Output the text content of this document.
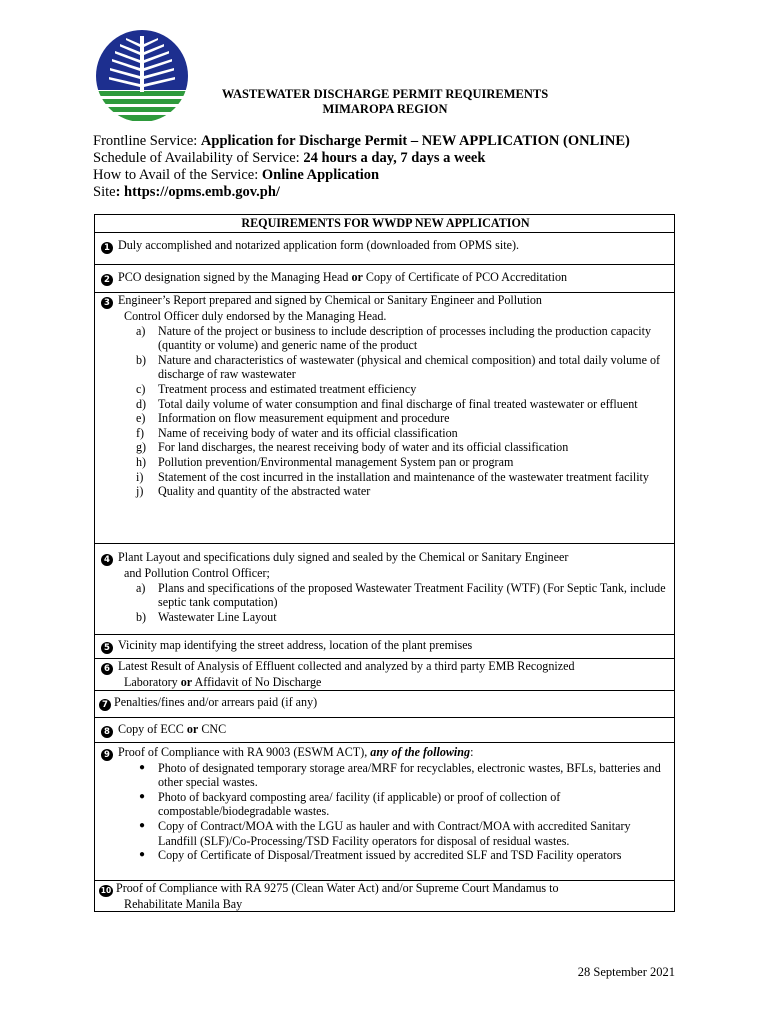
WASTEWATER DISCHARGE PERMIT REQUIREMENTS
MIMAROPA REGION
Frontline Service: Application for Discharge Permit – NEW APPLICATION (ONLINE)
Schedule of Availability of Service: 24 hours a day, 7 days a week
How to Avail of the Service: Online Application
Site: https://opms.emb.gov.ph/
REQUIREMENTS FOR WWDP NEW APPLICATION
1 Duly accomplished and notarized application form (downloaded from OPMS site).
2 PCO designation signed by the Managing Head or Copy of Certificate of PCO Accreditation

3 Engineer’s Report prepared and signed by Chemical or Sanitary Engineer and Pollution
Control Officer duly endorsed by the Managing Head.
a) Nature of the project or business to include description of processes including the production capacity (quantity or volume) and generic name of the product
b) Nature and characteristics of wastewater (physical and chemical composition) and total daily volume of discharge of raw wastewater
c) Treatment process and estimated treatment efficiency
d) Total daily volume of water consumption and final discharge of final treated wastewater or effluent
e) Information on flow measurement equipment and procedure
f) Name of receiving body of water and its official classification
g) For land discharges, the nearest receiving body of water and its official classification
h) Pollution prevention/Environmental management System pan or program
i) Statement of the cost incurred in the installation and maintenance of the wastewater treatment facility
j) Quality and quantity of the abstracted water

4 Plant Layout and specifications duly signed and sealed by the Chemical or Sanitary Engineer
and Pollution Control Officer;
a) Plans and specifications of the proposed Wastewater Treatment Facility (WTF) (For Septic Tank, include septic tank computation)
b) Wastewater Line Layout

5 Vicinity map identifying the street address, location of the plant premises

6 Latest Result of Analysis of Effluent collected and analyzed by a third party EMB Recognized
Laboratory or Affidavit of No Discharge

7 Penalties/fines and/or arrears paid (if any)
8 Copy of ECC or CNC

9 Proof of Compliance with RA 9003 (ESWM ACT), any of the following:
● Photo of designated temporary storage area/MRF for recyclables, electronic wastes, BFLs, batteries and other special wastes.
● Photo of backyard composting area/ facility (if applicable) or proof of collection of compostable/biodegradable wastes.
● Copy of Contract/MOA with the LGU as hauler and with Contract/MOA with accredited Sanitary Landfill (SLF)/Co-Processing/TSD Facility operators for disposal of residual wastes.
● Copy of Certificate of Disposal/Treatment issued by accredited SLF and TSD Facility operators

10 Proof of Compliance with RA 9275 (Clean Water Act) and/or Supreme Court Mandamus to
Rehabilitate Manila Bay
28 September 2021
